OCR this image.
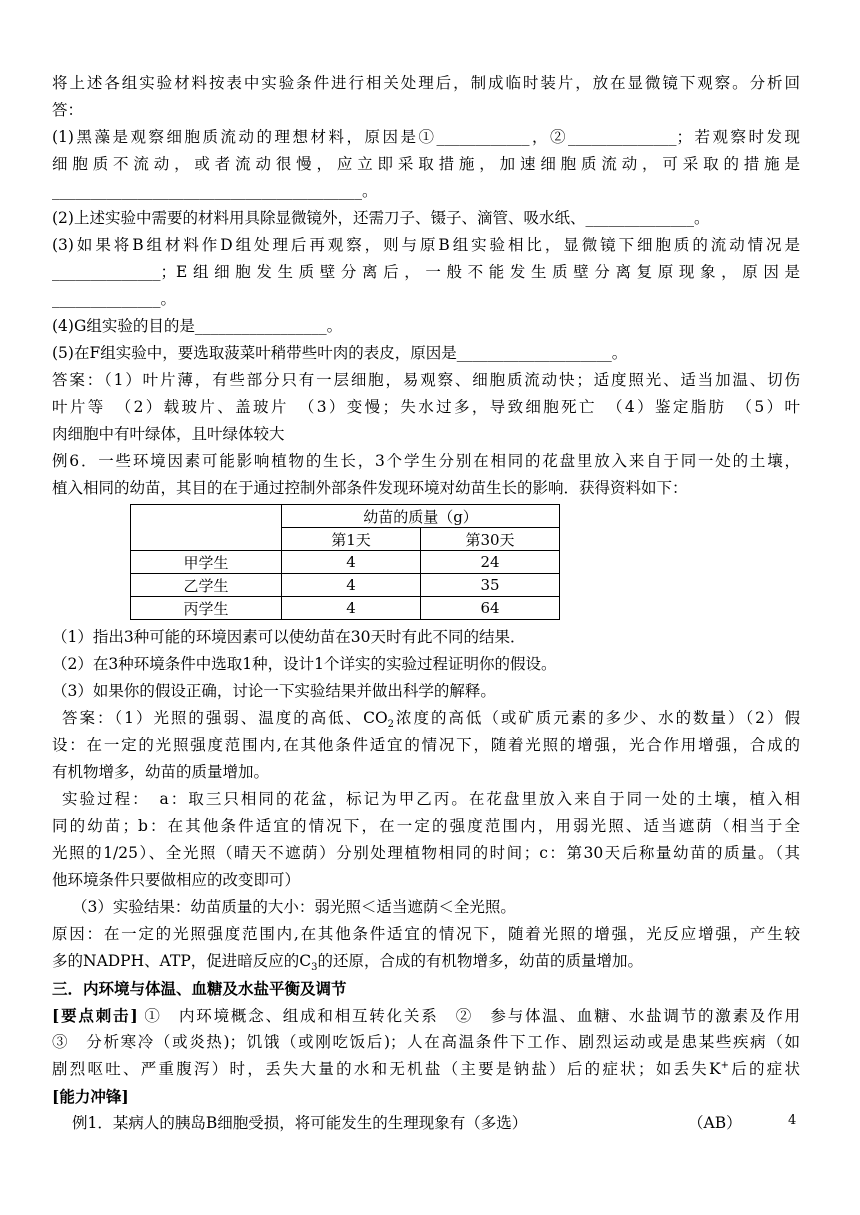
将上述各组实验材料按表中实验条件进行相关处理后，制成临时装片，放在显微镜下观察。分析回
答：
(1)黑藻是观察细胞质流动的理想材料，原因是①____________，②______________；若观察时发现
细胞质不流动，或者流动很慢，应立即采取措施，加速细胞质流动，可采取的措施是
________________________________________。
(2)上述实验中需要的材料用具除显微镜外，还需刀子、镊子、滴管、吸水纸、______________。
(3)如果将B组材料作D组处理后再观察，则与原B组实验相比，显微镜下细胞质的流动情况是
______________；E组细胞发生质壁分离后，一般不能发生质壁分离复原现象，原因是
______________。
(4)G组实验的目的是_________________。
(5)在F组实验中，要选取菠菜叶稍带些叶肉的表皮，原因是____________________。
答案：（1）叶片薄，有些部分只有一层细胞，易观察、细胞质流动快；适度照光、适当加温、切伤
叶片等　（2）载玻片、盖玻片　（3）变慢；失水过多，导致细胞死亡　（4）鉴定脂肪　（5）叶
肉细胞中有叶绿体，且叶绿体较大
例6．一些环境因素可能影响植物的生长，3个学生分别在相同的花盘里放入来自于同一处的土壤，
植入相同的幼苗，其目的在于通过控制外部条件发现环境对幼苗生长的影响．获得资料如下：
	幼苗的质量（g）	
	第1天	第30天
甲学生	4	24
乙学生	4	35
丙学生	4	64
（1）指出3种可能的环境因素可以使幼苗在30天时有此不同的结果．
（2）在3种环境条件中选取1种，设计1个详实的实验过程证明你的假设。
（3）如果你的假设正确，讨论一下实验结果并做出科学的解释。
答案：（1）光照的强弱、温度的高低、$CO_2$浓度的高低（或矿质元素的多少、水的数量）（2）假
设：在一定的光照强度范围内,在其他条件适宜的情况下，随着光照的增强，光合作用增强，合成的
有机物增多，幼苗的质量增加。
实验过程：　a：取三只相同的花盆，标记为甲乙丙。在花盘里放入来自于同一处的土壤，植入相
同的幼苗；b：在其他条件适宜的情况下，在一定的强度范围内，用弱光照、适当遮荫（相当于全
光照的1/25）、全光照（晴天不遮荫）分别处理植物相同的时间；c：第30天后称量幼苗的质量。（其
他环境条件只要做相应的改变即可）
（3）实验结果：幼苗质量的大小：弱光照＜适当遮荫＜全光照。
原因：在一定的光照强度范围内,在其他条件适宜的情况下，随着光照的增强，光反应增强，产生较
多的NADPH、ATP，促进暗反应的$C_3$的还原，合成的有机物增多，幼苗的质量增加。
三．内环境与体温、血糖及水盐平衡及调节
[要点刺击] ①　内环境概念、组成和相互转化关系　②　参与体温、血糖、水盐调节的激素及作用
③　分析寒冷（或炎热)；饥饿（或刚吃饭后)；人在高温条件下工作、剧烈运动或是患某些疾病（如
剧烈呕吐、严重腹泻）时，丢失大量的水和无机盐（主要是钠盐）后的症状；如丢失K+后的症状
[能力冲锋]
例1．某病人的胰岛B细胞受损，将可能发生的生理现象有（多选）	（AB）	4
